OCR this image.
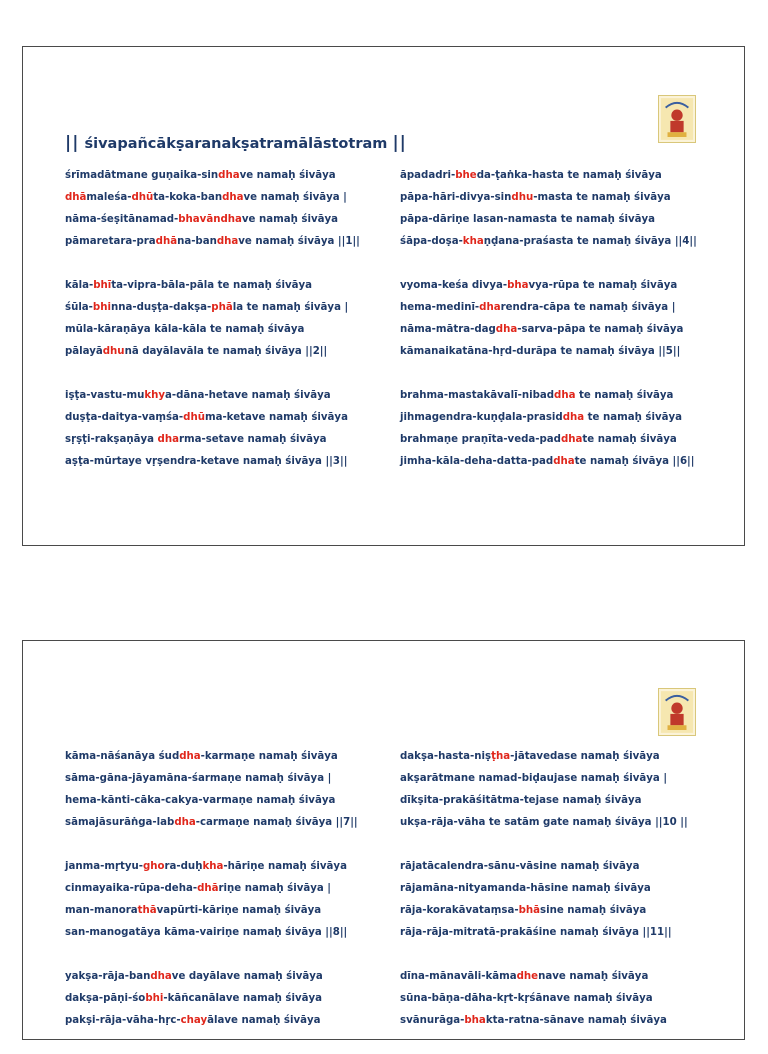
|| śivapañcākṣaranakṣatramālāstotram ||
śrīmadātmane guṇaika-sindhave namaḥ śivāya
dhāmaleśa-dhūta-koka-bandhave namaḥ śivāya |
nāma-śeṣitānamad-bhavāndhave namaḥ śivāya
pāmaretara-pradhāna-bandhave namaḥ śivāya ||1||
kāla-bhīta-vipra-bāla-pāla te namaḥ śivāya
śūla-bhinna-duṣṭa-dakṣa-phāla te namaḥ śivāya |
mūla-kāraṇāya kāla-kāla te namaḥ śivāya
pālayādhunā dayālavāla te namaḥ śivāya ||2||
iṣṭa-vastu-mukhya-dāna-hetave namaḥ śivāya
duṣṭa-daitya-vaṃśa-dhūma-ketave namaḥ śivāya
sṛṣṭi-rakṣaṇāya dharma-setave namaḥ śivāya
aṣṭa-mūrtaye vṛṣendra-ketave namaḥ śivāya ||3||
āpadadri-bheda-ṭaṅka-hasta te namaḥ śivāya
pāpa-hāri-divya-sindhu-masta te namaḥ śivāya
pāpa-dāriṇe lasan-namasta te namaḥ śivāya
śāpa-doṣa-khaṇḍana-praśasta te namaḥ śivāya ||4||
vyoma-keśa divya-bhavya-rūpa te namaḥ śivāya
hema-medinī-dharendra-cāpa te namaḥ śivāya |
nāma-mātra-dagdha-sarva-pāpa te namaḥ śivāya
kāmanaikatāna-hṛd-durāpa te namaḥ śivāya ||5||
brahma-mastakāvalī-nibaddha te namaḥ śivāya
jihmagendra-kuṇḍala-prasiddha te namaḥ śivāya
brahmaṇe praṇīta-veda-paddhate namaḥ śivāya
jimha-kāla-deha-datta-paddhate namaḥ śivāya ||6||
kāma-nāśanāya śuddha-karmaṇe namaḥ śivāya
sāma-gāna-jāyamāna-śarmaṇe namaḥ śivāya |
hema-kānti-cāka-cakya-varmaṇe namaḥ śivāya
sāmajāsurāṅga-labdha-carmaṇe namaḥ śivāya ||7||
janma-mṛtyu-ghora-duḥkha-hāriṇe namaḥ śivāya
cinmayaika-rūpa-deha-dhāriṇe namaḥ śivāya |
man-manorathāvapūrti-kāriṇe namaḥ śivāya
san-manogatāya kāma-vairiṇe namaḥ śivāya ||8||
yakṣa-rāja-bandhave dayālave namaḥ śivāya
dakṣa-pāṇi-śobhi-kāñcanālave namaḥ śivāya
pakṣi-rāja-vāha-hṛc-chayālave namaḥ śivāya
dakṣa-hasta-niṣṭha-jātavedase namaḥ śivāya
akṣarātmane namad-biḍaujase namaḥ śivāya |
dīkṣita-prakāśitātma-tejase namaḥ śivāya
ukṣa-rāja-vāha te satām gate namaḥ śivāya ||10 ||
rājatācalendra-sānu-vāsine namaḥ śivāya
rājamāna-nityamanda-hāsine namaḥ śivāya
rāja-korakāvataṃsa-bhāsine namaḥ śivāya
rāja-rāja-mitratā-prakāśine namaḥ śivāya ||11||
dīna-mānavāli-kāmadhenave namaḥ śivāya
sūna-bāṇa-dāha-kṛt-kṛśānave namaḥ śivāya
svānurāga-bhakta-ratna-sānave namaḥ śivāya
